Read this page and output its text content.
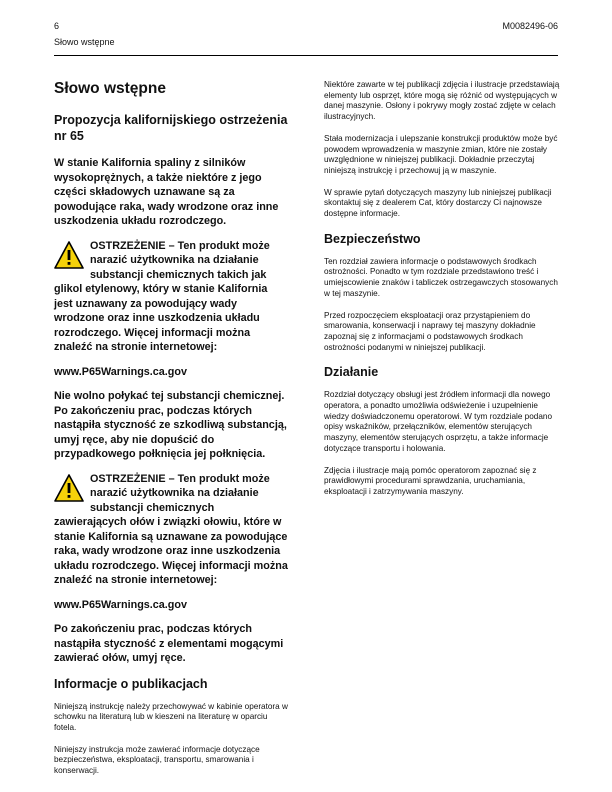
6
Słowo wstępne
M0082496-06
Słowo wstępne
Propozycja kalifornijskiego ostrzeżenia nr 65

W stanie Kalifornia spaliny z silników wysokoprężnych, a także niektóre z jego części składowych uznawane są za powodujące raka, wady wrodzone oraz inne uszkodzenia układu rozrodczego.

OSTRZEŻENIE – Ten produkt może narazić użytkownika na działanie substancji chemicznych takich jak glikol etylenowy, który w stanie Kalifornia jest uznawany za powodujący wady wrodzone oraz inne uszkodzenia układu rozrodczego. Więcej informacji można znaleźć na stronie internetowej:

www.P65Warnings.ca.gov

Nie wolno połykać tej substancji chemicznej. Po zakończeniu prac, podczas których nastąpiła styczność ze szkodliwą substancją, umyj ręce, aby nie dopuścić do przypadkowego połknięcia jej połknięcia.

OSTRZEŻENIE – Ten produkt może narazić użytkownika na działanie substancji chemicznych zawierających ołów i związki ołowiu, które w stanie Kalifornia są uznawane za powodujące raka, wady wrodzone oraz inne uszkodzenia układu rozrodczego. Więcej informacji można znaleźć na stronie internetowej:

www.P65Warnings.ca.gov

Po zakończeniu prac, podczas których nastąpiła styczność z elementami mogącymi zawierać ołów, umyj ręce.

Informacje o publikacjach

Niniejszą instrukcję należy przechowywać w kabinie operatora w schowku na literaturą lub w kieszeni na literaturę w oparciu fotela.

Niniejszy instrukcja może zawierać informacje dotyczące bezpieczeństwa, eksploatacji, transportu, smarowania i konserwacji.

Niektóre zawarte w tej publikacji zdjęcia i ilustracje przedstawiają elementy lub osprzęt, które mogą się różnić od występujących w danej maszynie. Osłony i pokrywy mogły zostać zdjęte w celach ilustracyjnych.

Stała modernizacja i ulepszanie konstrukcji produktów może być powodem wprowadzenia w maszynie zmian, które nie zostały uwzględnione w niniejszej publikacji. Dokładnie przeczytaj niniejszą instrukcję i przechowuj ją w maszynie.

W sprawie pytań dotyczących maszyny lub niniejszej publikacji skontaktuj się z dealerem Cat, który dostarczy Ci najnowsze dostępne informacje.

Bezpieczeństwo

Ten rozdział zawiera informacje o podstawowych środkach ostrożności. Ponadto w tym rozdziale przedstawiono treść i umiejscowienie znaków i tabliczek ostrzegawczych stosowanych w tej maszynie.

Przed rozpoczęciem eksploatacji oraz przystąpieniem do smarowania, konserwacji i naprawy tej maszyny dokładnie zapoznaj się z informacjami o podstawowych środkach ostrożności podanymi w niniejszej publikacji.

Działanie

Rozdział dotyczący obsługi jest źródłem informacji dla nowego operatora, a ponadto umożliwia odświeżenie i uzupełnienie wiedzy doświadczonemu operatorowi. W tym rozdziale podano opisy wskaźników, przełączników, elementów sterujących maszyny, elementów sterujących osprzętu, a także informacje dotyczące transportu i holowania.

Zdjęcia i ilustracje mają pomóc operatorom zapoznać się z prawidłowymi procedurami sprawdzania, uruchamiania, eksploatacji i zatrzymywania maszyny.
